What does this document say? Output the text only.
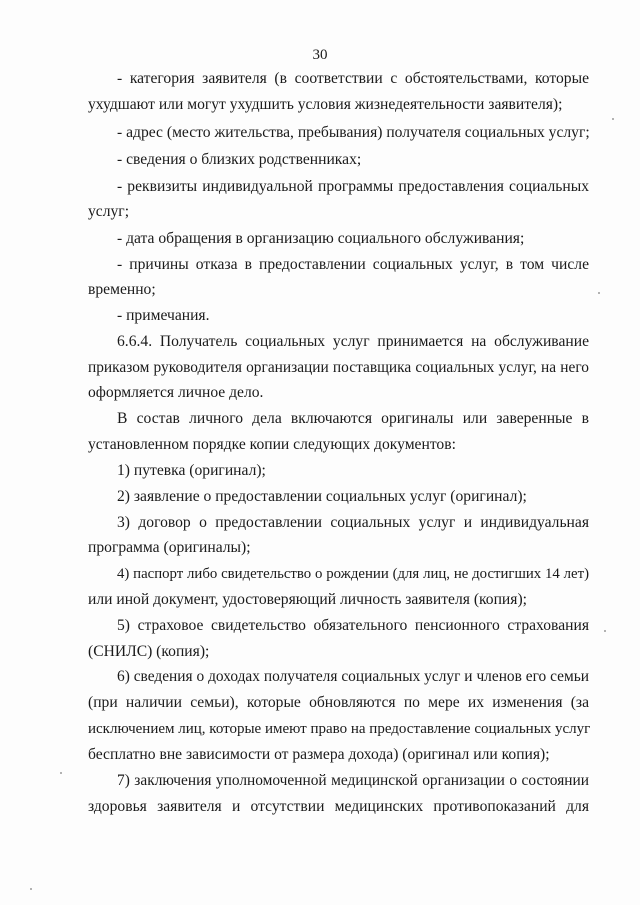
30
- категория заявителя (в соответствии с обстоятельствами, которые
ухудшают или могут ухудшить условия жизнедеятельности заявителя);
- адрес (место жительства, пребывания) получателя социальных услуг;
- сведения о близких родственниках;
- реквизиты индивидуальной программы предоставления социальных
услуг;
- дата обращения в организацию социального обслуживания;
- причины отказа в предоставлении социальных услуг, в том числе
временно;
- примечания.
6.6.4. Получатель социальных услуг принимается на обслуживание
приказом руководителя организации поставщика социальных услуг, на него
оформляется личное дело.
В состав личного дела включаются оригиналы или заверенные в
установленном порядке копии следующих документов:
1) путевка (оригинал);
2) заявление о предоставлении социальных услуг (оригинал);
3) договор о предоставлении социальных услуг и индивидуальная
программа (оригиналы);
4) паспорт либо свидетельство о рождении (для лиц, не достигших 14 лет)
или иной документ, удостоверяющий личность заявителя (копия);
5) страховое свидетельство обязательного пенсионного страхования
(СНИЛС) (копия);
6) сведения о доходах получателя социальных услуг и членов его семьи
(при наличии семьи), которые обновляются по мере их изменения (за
исключением лиц, которые имеют право на предоставление социальных услуг
бесплатно вне зависимости от размера дохода) (оригинал или копия);
7) заключения уполномоченной медицинской организации о состоянии
здоровья заявителя и отсутствии медицинских противопоказаний для
